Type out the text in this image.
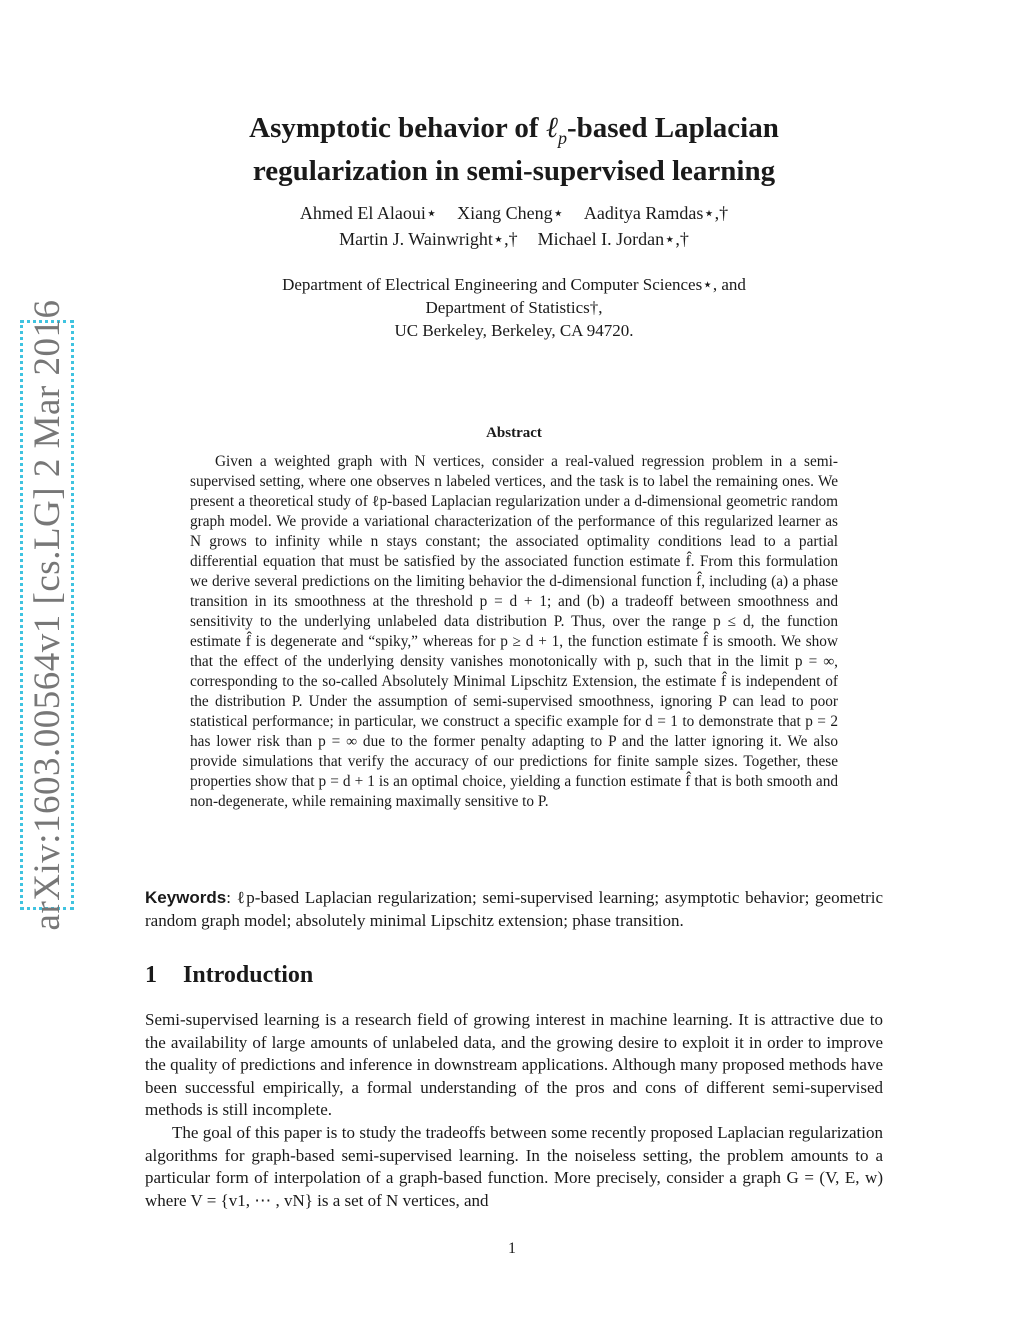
arXiv:1603.00564v1 [cs.LG] 2 Mar 2016
Asymptotic behavior of ℓ$_p$-based Laplacian
regularization in semi-supervised learning
Ahmed El Alaoui⋆ Xiang Cheng⋆ Aaditya Ramdas⋆,†
Martin J. Wainwright⋆,† Michael I. Jordan⋆,†
Department of Electrical Engineering and Computer Sciences⋆, and
Department of Statistics†,
UC Berkeley, Berkeley, CA 94720.
Abstract

Given a weighted graph with N vertices, consider a real-valued regression problem in a semi-supervised setting, where one observes n labeled vertices, and the task is to label the remaining ones. We present a theoretical study of ℓp-based Laplacian regularization under a d-dimensional geometric random graph model. We provide a variational characterization of the performance of this regularized learner as N grows to infinity while n stays constant; the associated optimality conditions lead to a partial differential equation that must be satisfied by the associated function estimate f̂. From this formulation we derive several predictions on the limiting behavior the d-dimensional function f̂, including (a) a phase transition in its smoothness at the threshold p = d + 1; and (b) a tradeoff between smoothness and sensitivity to the underlying unlabeled data distribution P. Thus, over the range p ≤ d, the function estimate f̂ is degenerate and “spiky,” whereas for p ≥ d + 1, the function estimate f̂ is smooth. We show that the effect of the underlying density vanishes monotonically with p, such that in the limit p = ∞, corresponding to the so-called Absolutely Minimal Lipschitz Extension, the estimate f̂ is independent of the distribution P. Under the assumption of semi-supervised smoothness, ignoring P can lead to poor statistical performance; in particular, we construct a specific example for d = 1 to demonstrate that p = 2 has lower risk than p = ∞ due to the former penalty adapting to P and the latter ignoring it. We also provide simulations that verify the accuracy of our predictions for finite sample sizes. Together, these properties show that p = d + 1 is an optimal choice, yielding a function estimate f̂ that is both smooth and non-degenerate, while remaining maximally sensitive to P.

Keywords: ℓp-based Laplacian regularization; semi-supervised learning; asymptotic behavior; geometric random graph model; absolutely minimal Lipschitz extension; phase transition.

1 Introduction

Semi-supervised learning is a research field of growing interest in machine learning. It is attractive due to the availability of large amounts of unlabeled data, and the growing desire to exploit it in order to improve the quality of predictions and inference in downstream applications. Although many proposed methods have been successful empirically, a formal understanding of the pros and cons of different semi-supervised methods is still incomplete.

The goal of this paper is to study the tradeoffs between some recently proposed Laplacian regularization algorithms for graph-based semi-supervised learning. In the noiseless setting, the problem amounts to a particular form of interpolation of a graph-based function. More precisely, consider a graph G = (V, E, w) where V = {v1, ⋯ , vN} is a set of N vertices, and

1
